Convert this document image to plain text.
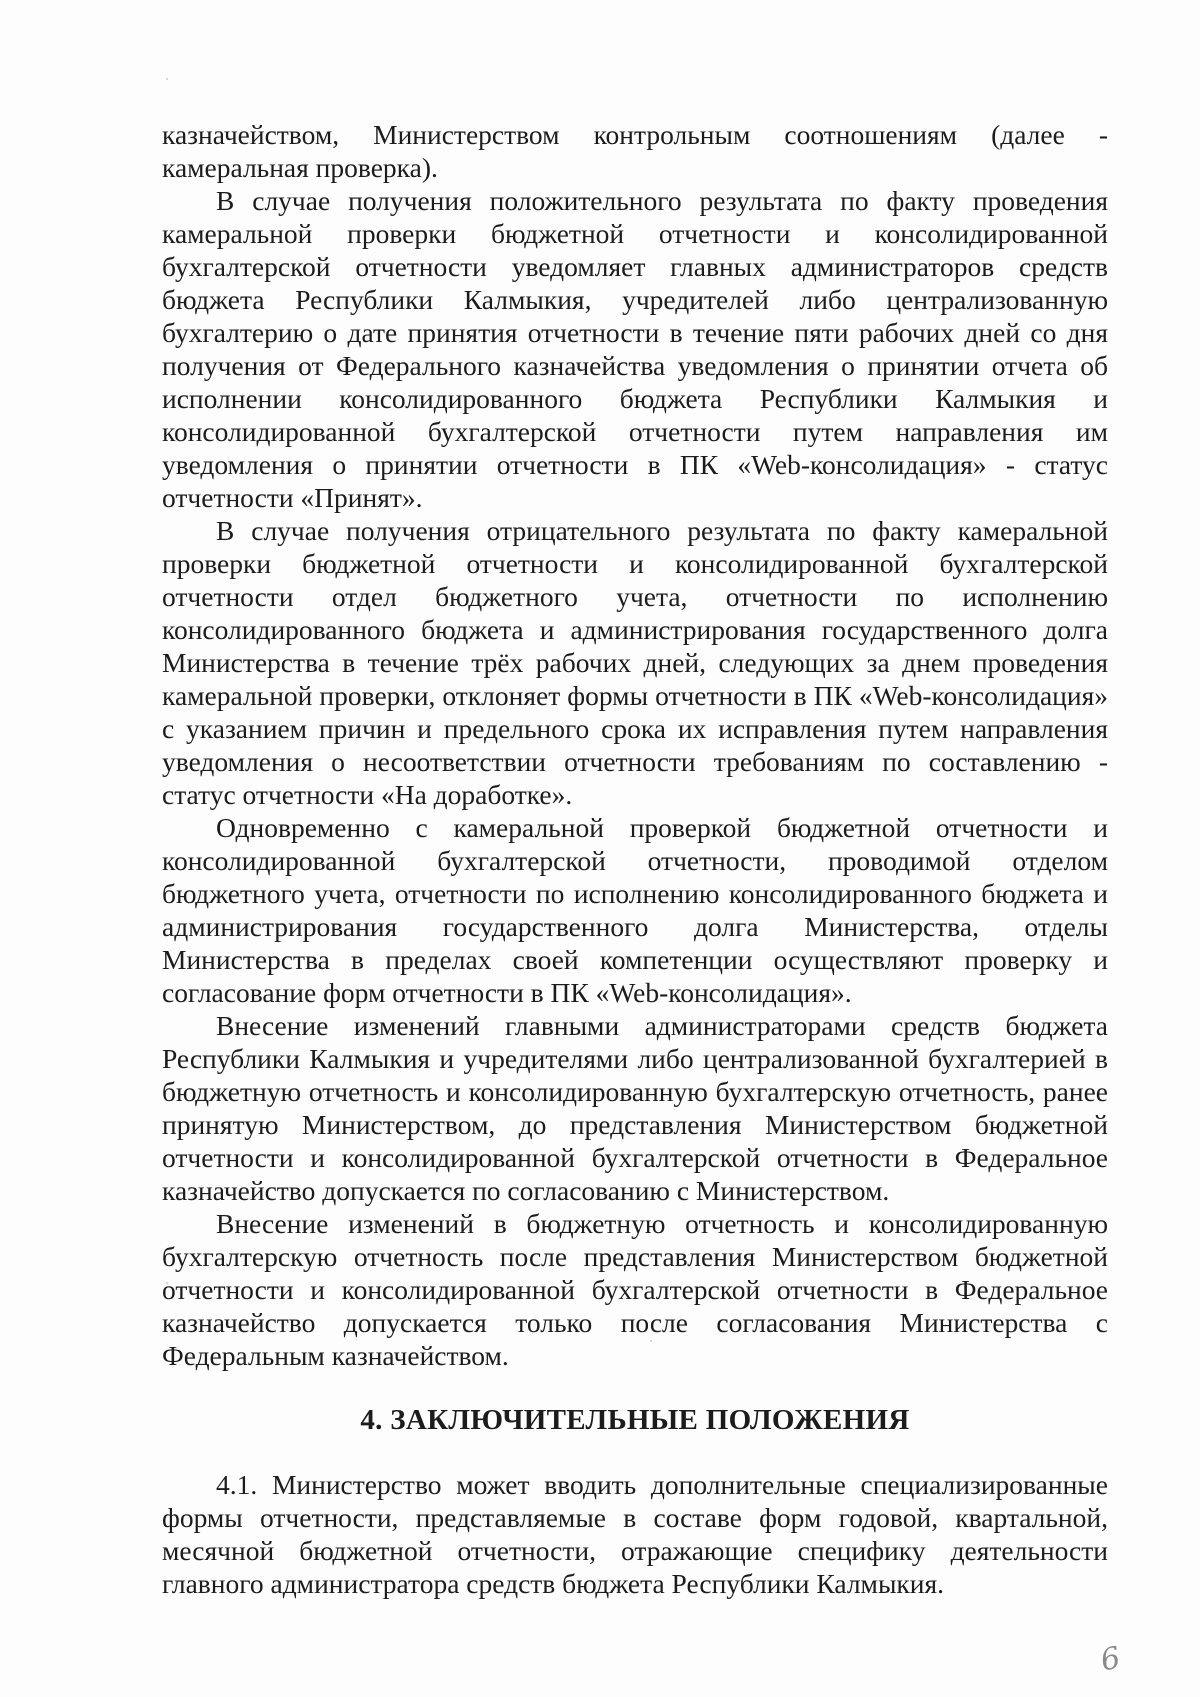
казначейством, Министерством контрольным соотношениям (далее - камеральная проверка).

В случае получения положительного результата по факту проведения камеральной проверки бюджетной отчетности и консолидированной бухгалтерской отчетности уведомляет главных администраторов средств бюджета Республики Калмыкия, учредителей либо централизованную бухгалтерию о дате принятия отчетности в течение пяти рабочих дней со дня получения от Федерального казначейства уведомления о принятии отчета об исполнении консолидированного бюджета Республики Калмыкия и консолидированной бухгалтерской отчетности путем направления им уведомления о принятии отчетности в ПК «Web-консолидация» - статус отчетности «Принят».

В случае получения отрицательного результата по факту камеральной проверки бюджетной отчетности и консолидированной бухгалтерской отчетности отдел бюджетного учета, отчетности по исполнению консолидированного бюджета и администрирования государственного долга Министерства в течение трёх рабочих дней, следующих за днем проведения камеральной проверки, отклоняет формы отчетности в ПК «Web-консолидация» с указанием причин и предельного срока их исправления путем направления уведомления о несоответствии отчетности требованиям по составлению - статус отчетности «На доработке».

Одновременно с камеральной проверкой бюджетной отчетности и консолидированной бухгалтерской отчетности, проводимой отделом бюджетного учета, отчетности по исполнению консолидированного бюджета и администрирования государственного долга Министерства, отделы Министерства в пределах своей компетенции осуществляют проверку и согласование форм отчетности в ПК «Web-консолидация».

Внесение изменений главными администраторами средств бюджета Республики Калмыкия и учредителями либо централизованной бухгалтерией в бюджетную отчетность и консолидированную бухгалтерскую отчетность, ранее принятую Министерством, до представления Министерством бюджетной отчетности и консолидированной бухгалтерской отчетности в Федеральное казначейство допускается по согласованию с Министерством.

Внесение изменений в бюджетную отчетность и консолидированную бухгалтерскую отчетность после представления Министерством бюджетной отчетности и консолидированной бухгалтерской отчетности в Федеральное казначейство допускается только после согласования Министерства с Федеральным казначейством.

4. ЗАКЛЮЧИТЕЛЬНЫЕ ПОЛОЖЕНИЯ

4.1. Министерство может вводить дополнительные специализированные формы отчетности, представляемые в составе форм годовой, квартальной, месячной бюджетной отчетности, отражающие специфику деятельности главного администратора средств бюджета Республики Калмыкия.

6
